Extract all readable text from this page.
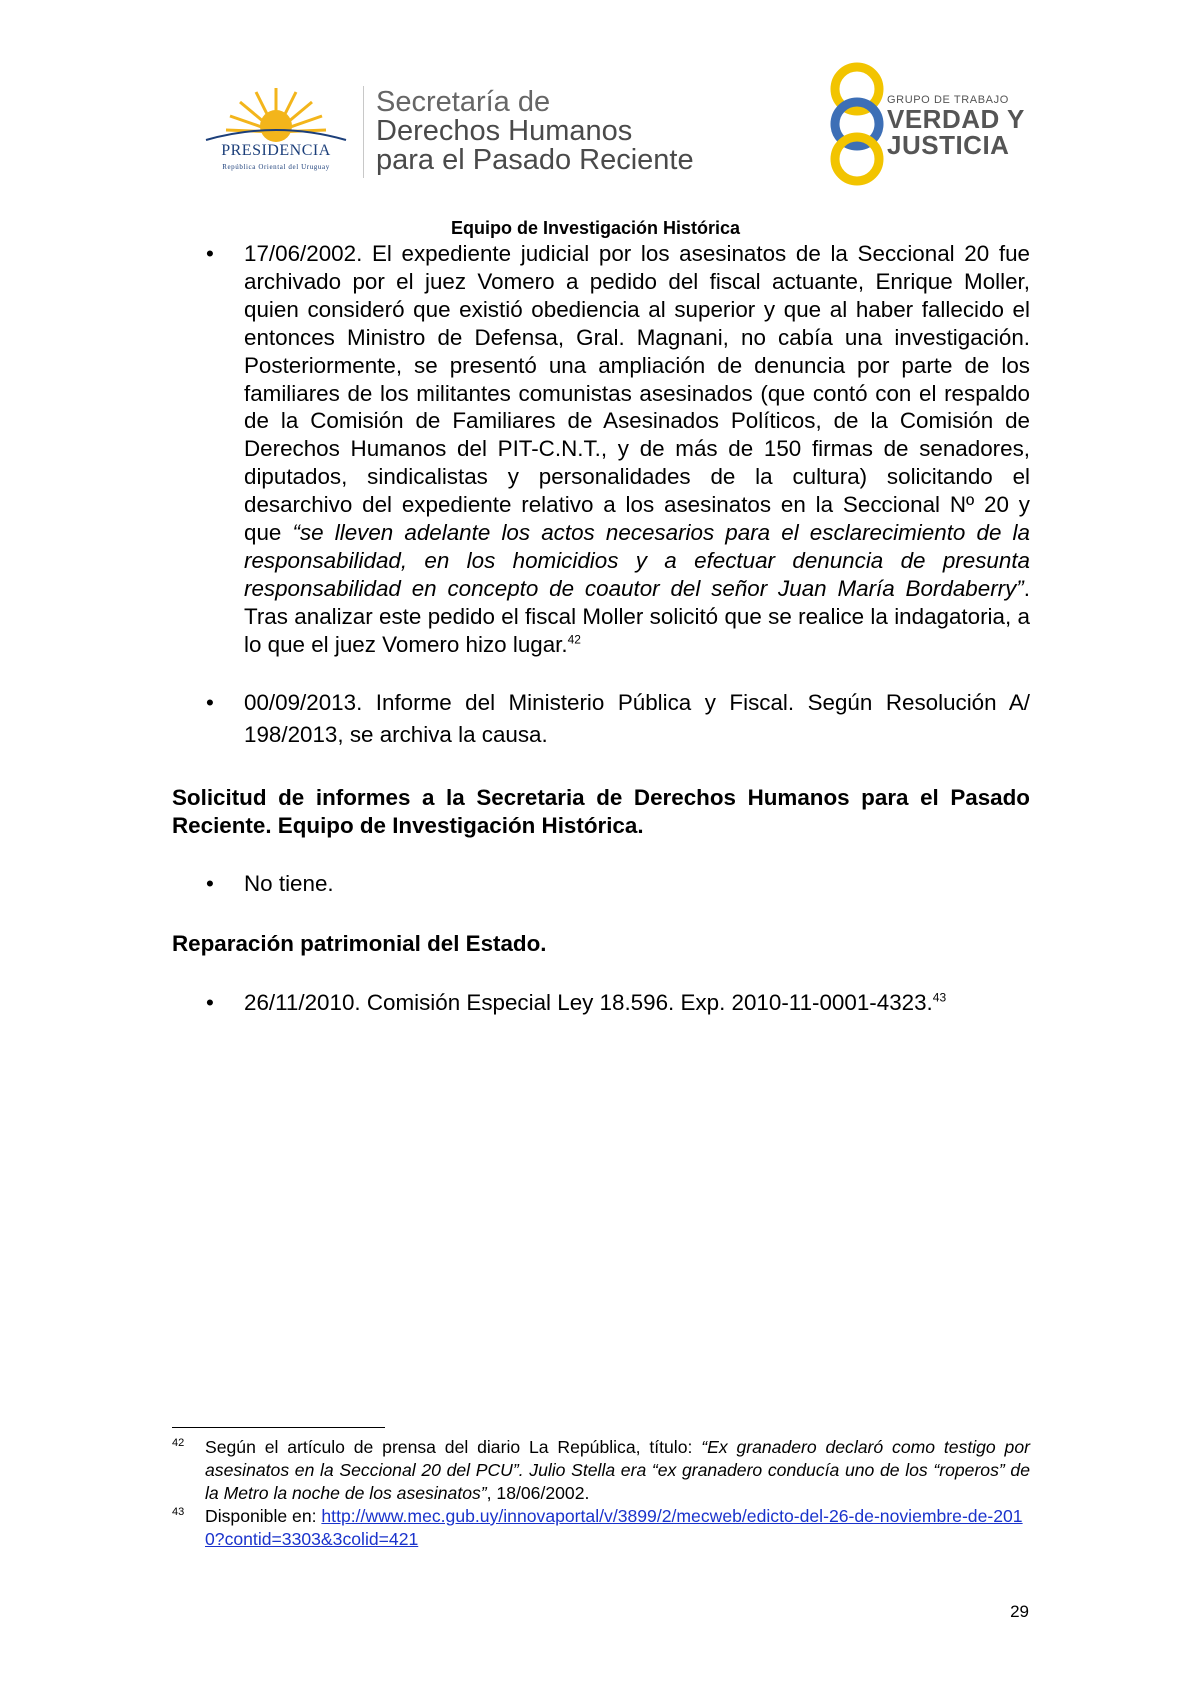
PRESIDENCIA
República Oriental del Uruguay
Secretaría de
Derechos Humanos
para el Pasado Reciente
GRUPO DE TRABAJO
VERDAD Y
JUSTICIA
Equipo de Investigación Histórica
• 17/06/2002. El expediente judicial por los asesinatos de la Seccional 20 fue archivado por el juez Vomero a pedido del fiscal actuante, Enrique Moller, quien consideró que existió obediencia al superior y que al haber fallecido el entonces Ministro de Defensa, Gral. Magnani, no cabía una investigación. Posteriormente, se presentó una ampliación de denuncia por parte de los familiares de los militantes comunistas asesinados (que contó con el respaldo de la Comisión de Familiares de Asesinados Políticos, de la Comisión de Derechos Humanos del PIT-C.N.T., y de más de 150 firmas de senadores, diputados, sindicalistas y personalidades de la cultura) solicitando el desarchivo del expediente relativo a los asesinatos en la Seccional Nº 20 y que “se lleven adelante los actos necesarios para el esclarecimiento de la responsabilidad, en los homicidios y a efectuar denuncia de presunta responsabilidad en concepto de coautor del señor Juan María Bordaberry”. Tras analizar este pedido el fiscal Moller solicitó que se realice la indagatoria, a lo que el juez Vomero hizo lugar.$^{42}$
• 00/09/2013. Informe del Ministerio Pública y Fiscal. Según Resolución A/ 198/2013, se archiva la causa.
Solicitud de informes a la Secretaria de Derechos Humanos para el Pasado Reciente. Equipo de Investigación Histórica.
• No tiene.
Reparación patrimonial del Estado.
• 26/11/2010. Comisión Especial Ley 18.596. Exp. 2010-11-0001-4323.43
42 Según el artículo de prensa del diario La República, título: “Ex granadero declaró como testigo por asesinatos en la Seccional 20 del PCU”. Julio Stella era “ex granadero conducía uno de los “roperos” de la Metro la noche de los asesinatos”, 18/06/2002.
43 Disponible en: http://www.mec.gub.uy/innovaportal/v/3899/2/mecweb/edicto-del-26-de-noviembre-de-2010?contid=3303&3colid=421
29
